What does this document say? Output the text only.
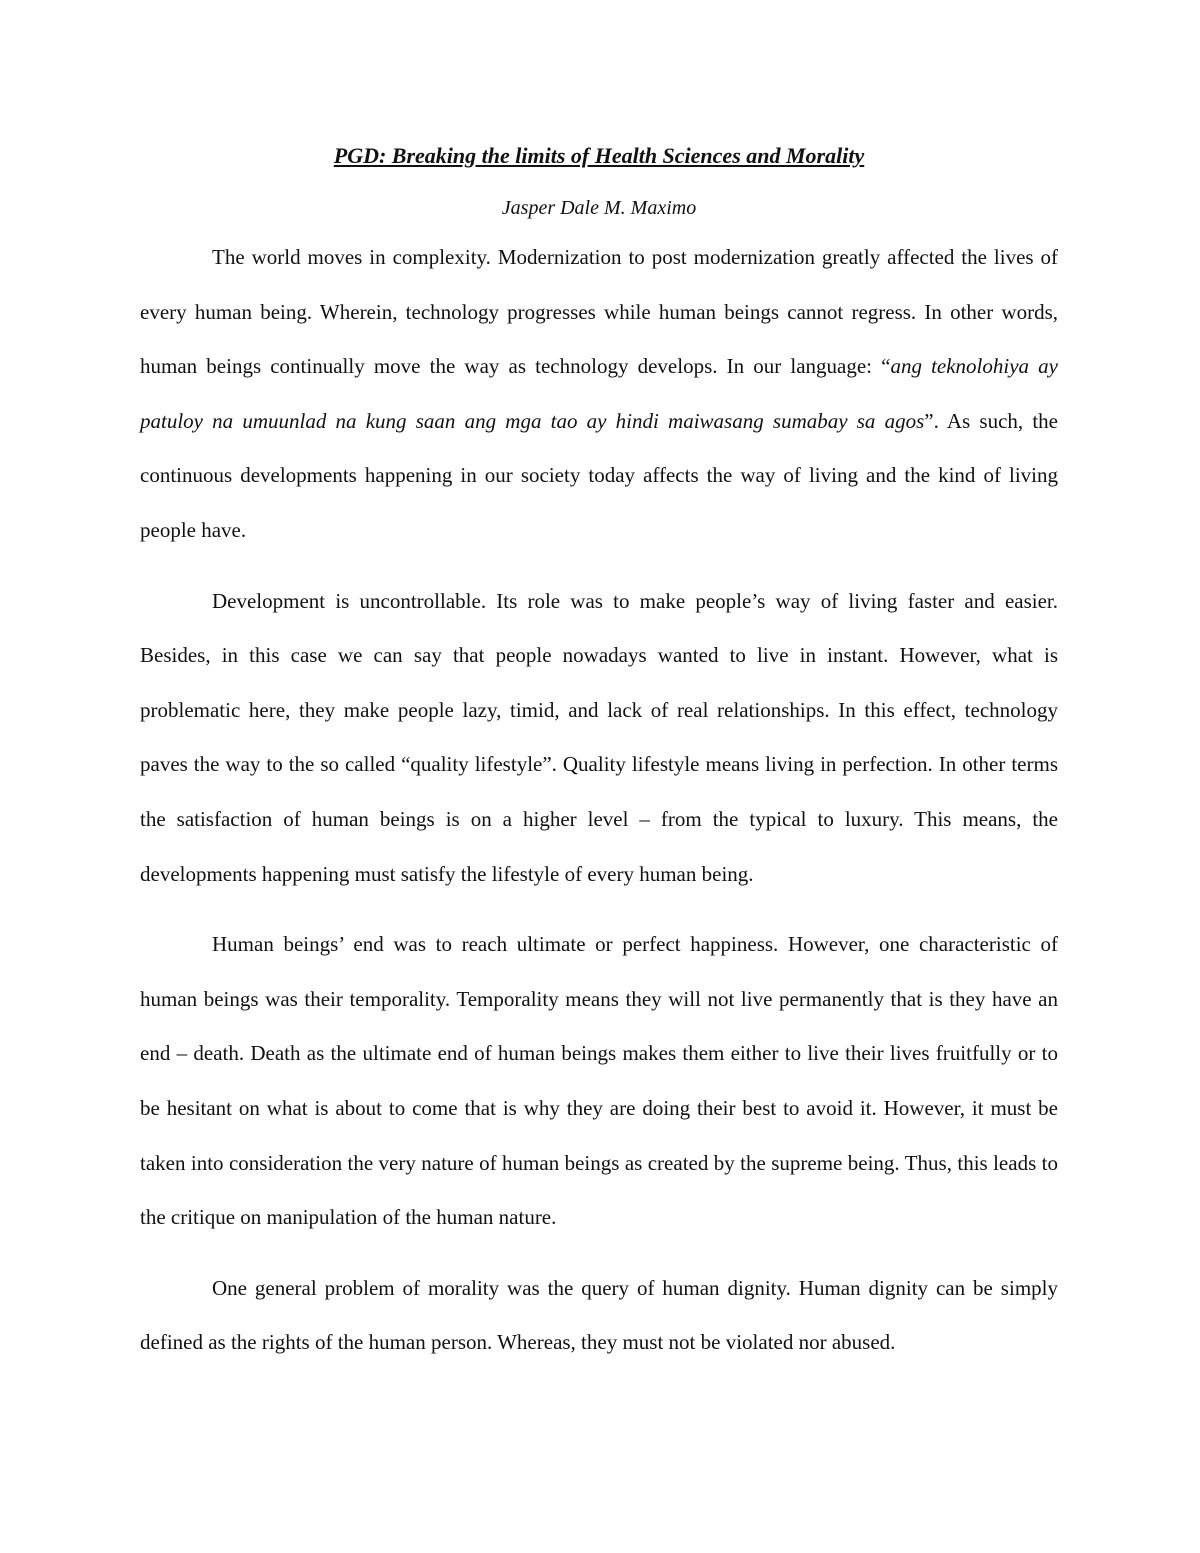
PGD: Breaking the limits of Health Sciences and Morality

Jasper Dale M. Maximo

The world moves in complexity. Modernization to post modernization greatly affected the lives of every human being. Wherein, technology progresses while human beings cannot regress. In other words, human beings continually move the way as technology develops. In our language: “ang teknolohiya ay patuloy na umuunlad na kung saan ang mga tao ay hindi maiwasang sumabay sa agos”. As such, the continuous developments happening in our society today affects the way of living and the kind of living people have.

Development is uncontrollable. Its role was to make people’s way of living faster and easier. Besides, in this case we can say that people nowadays wanted to live in instant. However, what is problematic here, they make people lazy, timid, and lack of real relationships. In this effect, technology paves the way to the so called “quality lifestyle”. Quality lifestyle means living in perfection. In other terms the satisfaction of human beings is on a higher level – from the typical to luxury. This means, the developments happening must satisfy the lifestyle of every human being.

Human beings’ end was to reach ultimate or perfect happiness. However, one characteristic of human beings was their temporality. Temporality means they will not live permanently that is they have an end – death. Death as the ultimate end of human beings makes them either to live their lives fruitfully or to be hesitant on what is about to come that is why they are doing their best to avoid it. However, it must be taken into consideration the very nature of human beings as created by the supreme being. Thus, this leads to the critique on manipulation of the human nature.

One general problem of morality was the query of human dignity. Human dignity can be simply defined as the rights of the human person. Whereas, they must not be violated nor abused.
